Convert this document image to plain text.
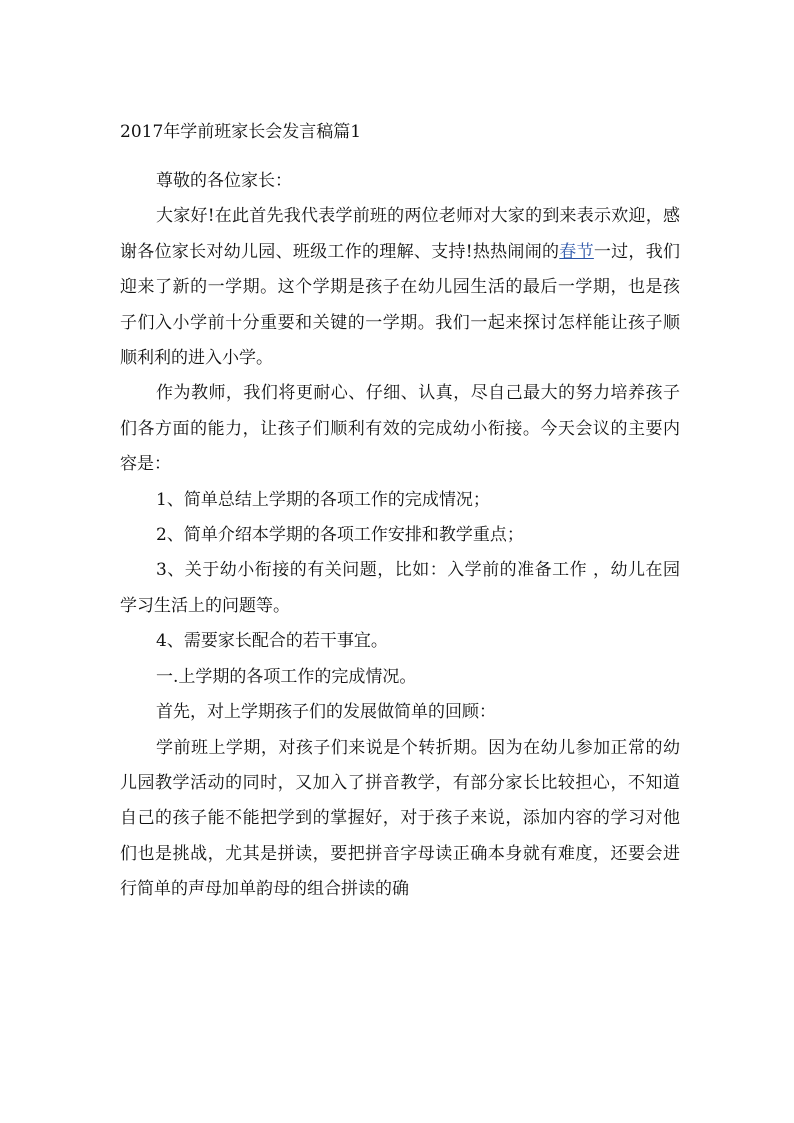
2017年学前班家长会发言稿篇1

尊敬的各位家长：

大家好!在此首先我代表学前班的两位老师对大家的到来表示欢迎，感谢各位家长对幼儿园、班级工作的理解、支持!热热闹闹的春节一过，我们迎来了新的一学期。这个学期是孩子在幼儿园生活的最后一学期，也是孩子们入小学前十分重要和关键的一学期。我们一起来探讨怎样能让孩子顺顺利利的进入小学。

作为教师，我们将更耐心、仔细、认真，尽自己最大的努力培养孩子们各方面的能力，让孩子们顺利有效的完成幼小衔接。今天会议的主要内容是：

1、简单总结上学期的各项工作的完成情况；

2、简单介绍本学期的各项工作安排和教学重点；

3、关于幼小衔接的有关问题，比如：入学前的准备工作 ，幼儿在园学习生活上的问题等。

4、需要家长配合的若干事宜。

一.上学期的各项工作的完成情况。

首先，对上学期孩子们的发展做简单的回顾：

学前班上学期，对孩子们来说是个转折期。因为在幼儿参加正常的幼儿园教学活动的同时，又加入了拼音教学，有部分家长比较担心，不知道自己的孩子能不能把学到的掌握好，对于孩子来说，添加内容的学习对他们也是挑战，尤其是拼读，要把拼音字母读正确本身就有难度，还要会进行简单的声母加单韵母的组合拼读的确
